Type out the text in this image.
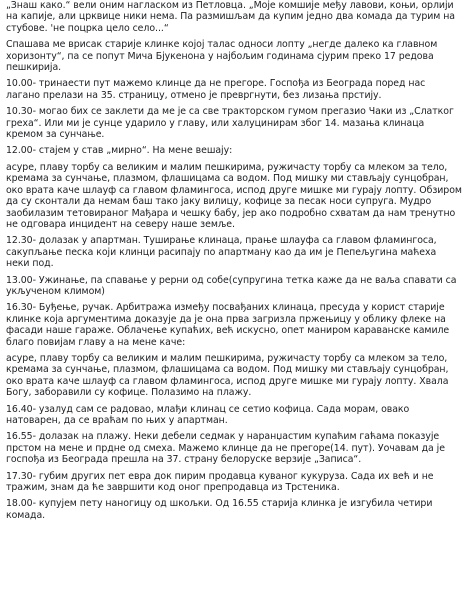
„Знаш како.“ вели оним нагласком из Петловца. „Моје комшије међу лавови, коњи, орлији на капије, али црквице ники нема. Па размишљам да купим једно два комада да турим на стубове. 'не поцрка цело село...“

Спашава ме врисак старије клинке којој талас односи лопту „негде далеко ка главном хоризонту“, па се попут Мича Бјукенона у најбољим годинама сјурим преко 17 редова пешкирија.

10.00- тринаести пут мажемо клинце да не прегоре. Госпођа из Београда поред нас лагано прелази на 35. страницу, отмено је превргнути, без лизања прстију.

10.30- могао бих се заклети да ме је са све тракторском гумом прегазио Чаки из „Слатког греха“. Или ми је сунце ударило у главу, или халуцинирам због 14. мазања клинаца кремом за сунчање.

12.00- стајем у став „мирно“. На мене вешају:

асуре, плаву торбу са великим и малим пешкирима, ружичасту торбу са млеком за тело, кремама за сунчање, плазмом, флашицама са водом. Под мишку ми стављају сунцобран, око врата каче шлауф са главом фламингоса, испод друге мишке ми гурају лопту. Обзиром да су сконтали да немам баш тако јаку вилицу, кофице за песак носи супруга. Мудро заобилазим тетовираног Мађара и чешку бабу, јер ако подробно схватам да нам тренутно не одговара инцидент на северу наше земље.

12.30- долазак у апартман. Туширање клинаца, прање шлауфа са главом фламингоса, сакупљање песка који клинци расипају по апартману као да им је Пепељугина маћеха неки под.

13.00- Ужинање, па спавање у рерни од собе(супругина тетка каже да не ваља спавати са укљученом климом)

16.30- Буђење, ручак. Арбитража између посвађаних клинаца, пресуда у корист старије клинке која аргументима доказује да је она прва загризла пржењицу у облику флеке на фасади наше гараже. Облачење купаћих, већ искусно, опет маниром караванске камиле благо повијам главу а на мене каче:

асуре, плаву торбу са великим и малим пешкирима, ружичасту торбу са млеком за тело, кремама за сунчање, плазмом, флашицама са водом. Под мишку ми стављају сунцобран, око врата каче шлауф са главом фламингоса, испод друге мишке ми гурају лопту. Хвала Богу, заборавили су кофице. Полазимо на плажу.

16.40- узалуд сам се радовао, млађи клинац се сетио кофица. Сада морам, овако натоварен, да се враћам по њих у апартман.

16.55- долазак на плажу. Неки дебели седмак у наранџастим купаћим гаћама показује прстом на мене и прдне од смеха. Мажемо клинце да не прегоре(14. пут). Уочавам да је госпођа из Београда прешла на 37. страну белоруске верзије „Записа“.

17.30- губим других пет евра док пирим продавца куваног кукуруза. Сада их већ и не тражим, знам да ће завршити код оног препродавца из Трстеника.

18.00- купујем пету наногицу од шкољки. Од 16.55 старија клинка је изгубила четири комада.
